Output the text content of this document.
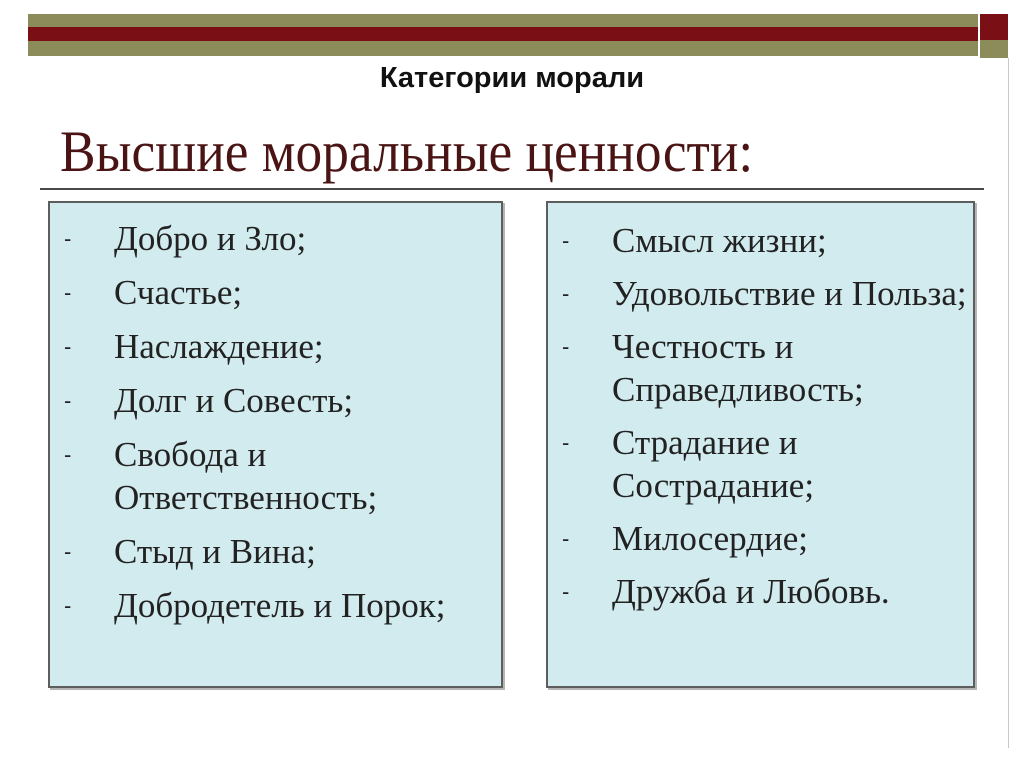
Категории морали
Высшие моральные ценности:
- Добро и Зло;
- Счастье;
- Наслаждение;
- Долг и Совесть;
- Свобода и Ответственность;
- Стыд и Вина;
- Добродетель и Порок;
- Смысл жизни;
- Удовольствие и Польза;
- Честность и Справедливость;
- Страдание и Сострадание;
- Милосердие;
- Дружба и Любовь.
